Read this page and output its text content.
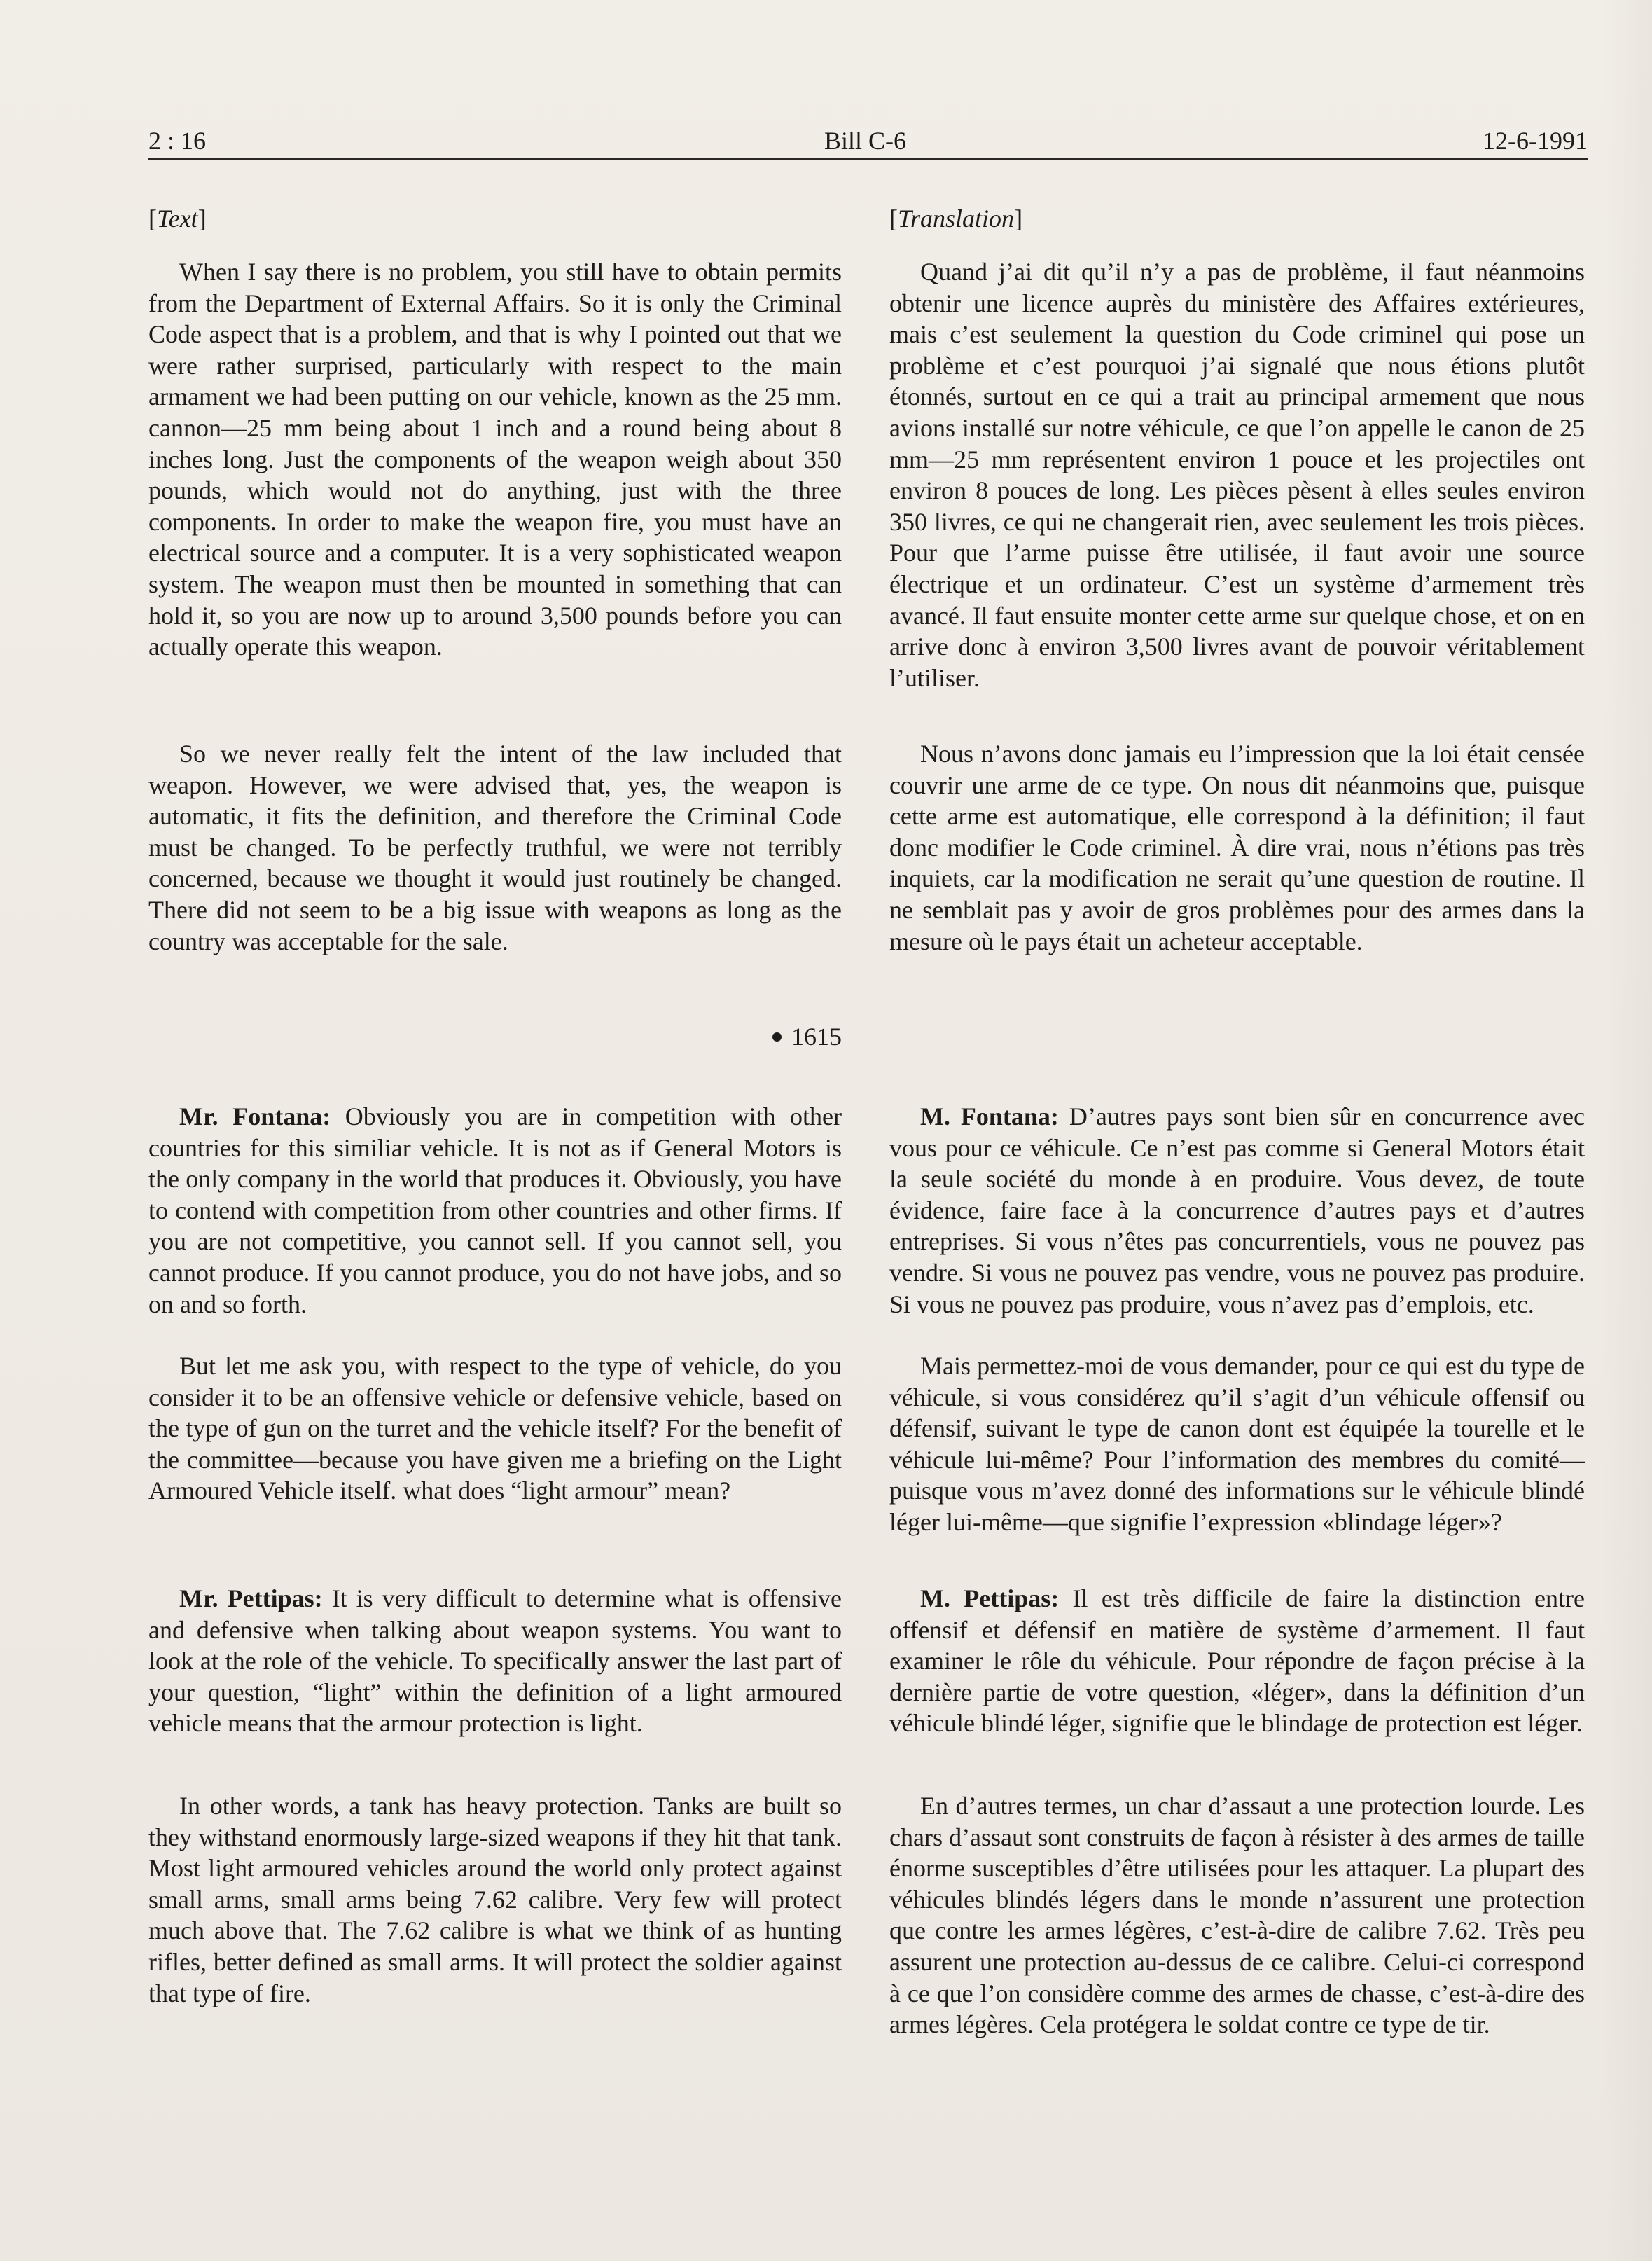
2 : 16	Bill C-6	12-6-1991

[Text]

When I say there is no problem, you still have to obtain permits from the Department of External Affairs. So it is only the Criminal Code aspect that is a problem, and that is why I pointed out that we were rather surprised, particularly with respect to the main armament we had been putting on our vehicle, known as the 25 mm. cannon—25 mm being about 1 inch and a round being about 8 inches long. Just the components of the weapon weigh about 350 pounds, which would not do anything, just with the three components. In order to make the weapon fire, you must have an electrical source and a computer. It is a very sophisticated weapon system. The weapon must then be mounted in something that can hold it, so you are now up to around 3,500 pounds before you can actually operate this weapon.

So we never really felt the intent of the law included that weapon. However, we were advised that, yes, the weapon is automatic, it fits the definition, and therefore the Criminal Code must be changed. To be perfectly truthful, we were not terribly concerned, because we thought it would just routinely be changed. There did not seem to be a big issue with weapons as long as the country was acceptable for the sale.

1615

Mr. Fontana: Obviously you are in competition with other countries for this similiar vehicle. It is not as if General Motors is the only company in the world that produces it. Obviously, you have to contend with competition from other countries and other firms. If you are not competitive, you cannot sell. If you cannot sell, you cannot produce. If you cannot produce, you do not have jobs, and so on and so forth.

But let me ask you, with respect to the type of vehicle, do you consider it to be an offensive vehicle or defensive vehicle, based on the type of gun on the turret and the vehicle itself? For the benefit of the committee—because you have given me a briefing on the Light Armoured Vehicle itself. what does “light armour” mean?

Mr. Pettipas: It is very difficult to determine what is offensive and defensive when talking about weapon systems. You want to look at the role of the vehicle. To specifically answer the last part of your question, “light” within the definition of a light armoured vehicle means that the armour protection is light.

In other words, a tank has heavy protection. Tanks are built so they withstand enormously large-sized weapons if they hit that tank. Most light armoured vehicles around the world only protect against small arms, small arms being 7.62 calibre. Very few will protect much above that. The 7.62 calibre is what we think of as hunting rifles, better defined as small arms. It will protect the soldier against that type of fire.

[Translation]

Quand j’ai dit qu’il n’y a pas de problème, il faut néanmoins obtenir une licence auprès du ministère des Affaires extérieures, mais c’est seulement la question du Code criminel qui pose un problème et c’est pourquoi j’ai signalé que nous étions plutôt étonnés, surtout en ce qui a trait au principal armement que nous avions installé sur notre véhicule, ce que l’on appelle le canon de 25 mm—25 mm représentent environ 1 pouce et les projectiles ont environ 8 pouces de long. Les pièces pèsent à elles seules environ 350 livres, ce qui ne changerait rien, avec seulement les trois pièces. Pour que l’arme puisse être utilisée, il faut avoir une source électrique et un ordinateur. C’est un système d’armement très avancé. Il faut ensuite monter cette arme sur quelque chose, et on en arrive donc à environ 3,500 livres avant de pouvoir véritablement l’utiliser.

Nous n’avons donc jamais eu l’impression que la loi était censée couvrir une arme de ce type. On nous dit néanmoins que, puisque cette arme est automatique, elle correspond à la définition; il faut donc modifier le Code criminel. À dire vrai, nous n’étions pas très inquiets, car la modification ne serait qu’une question de routine. Il ne semblait pas y avoir de gros problèmes pour des armes dans la mesure où le pays était un acheteur acceptable.

M. Fontana: D’autres pays sont bien sûr en concurrence avec vous pour ce véhicule. Ce n’est pas comme si General Motors était la seule société du monde à en produire. Vous devez, de toute évidence, faire face à la concurrence d’autres pays et d’autres entreprises. Si vous n’êtes pas concurrentiels, vous ne pouvez pas vendre. Si vous ne pouvez pas vendre, vous ne pouvez pas produire. Si vous ne pouvez pas produire, vous n’avez pas d’emplois, etc.

Mais permettez-moi de vous demander, pour ce qui est du type de véhicule, si vous considérez qu’il s’agit d’un véhicule offensif ou défensif, suivant le type de canon dont est équipée la tourelle et le véhicule lui-même? Pour l’information des membres du comité—puisque vous m’avez donné des informations sur le véhicule blindé léger lui-même—que signifie l’expression «blindage léger»?

M. Pettipas: Il est très difficile de faire la distinction entre offensif et défensif en matière de système d’armement. Il faut examiner le rôle du véhicule. Pour répondre de façon précise à la dernière partie de votre question, «léger», dans la définition d’un véhicule blindé léger, signifie que le blindage de protection est léger.

En d’autres termes, un char d’assaut a une protection lourde. Les chars d’assaut sont construits de façon à résister à des armes de taille énorme susceptibles d’être utilisées pour les attaquer. La plupart des véhicules blindés légers dans le monde n’assurent une protection que contre les armes légères, c’est-à-dire de calibre 7.62. Très peu assurent une protection au-dessus de ce calibre. Celui-ci correspond à ce que l’on considère comme des armes de chasse, c’est-à-dire des armes légères. Cela protégera le soldat contre ce type de tir.
